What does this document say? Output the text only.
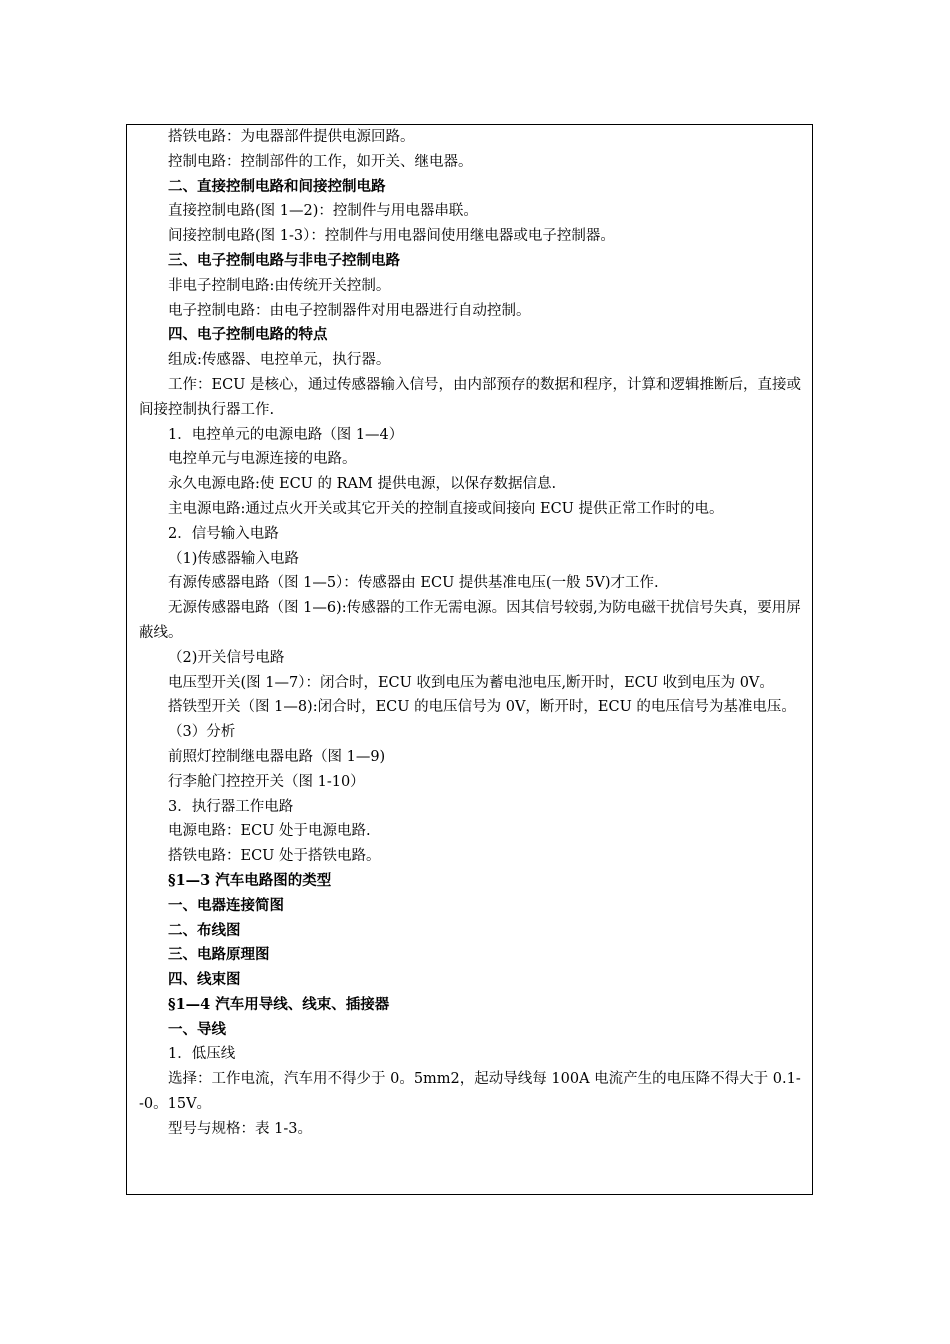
搭铁电路：为电器部件提供电源回路。

控制电路：控制部件的工作，如开关、继电器。

二、直接控制电路和间接控制电路

直接控制电路(图 1—2)：控制件与用电器串联。

间接控制电路(图 1-3）：控制件与用电器间使用继电器或电子控制器。

三、电子控制电路与非电子控制电路

非电子控制电路:由传统开关控制。

电子控制电路：由电子控制器件对用电器进行自动控制。

四、电子控制电路的特点

组成:传感器、电控单元，执行器。

工作：ECU 是核心，通过传感器输入信号，由内部预存的数据和程序，计算和逻辑推断后，直接或间接控制执行器工作.

1．电控单元的电源电路（图 1—4）

电控单元与电源连接的电路。

永久电源电路:使 ECU 的 RAM 提供电源，以保存数据信息.

主电源电路:通过点火开关或其它开关的控制直接或间接向 ECU 提供正常工作时的电。

2．信号输入电路

（1)传感器输入电路

有源传感器电路（图 1—5）：传感器由 ECU 提供基准电压(一般 5V)才工作.

无源传感器电路（图 1—6):传感器的工作无需电源。因其信号较弱,为防电磁干扰信号失真，要用屏蔽线。

（2)开关信号电路

电压型开关(图 1—7）：闭合时，ECU 收到电压为蓄电池电压,断开时，ECU 收到电压为 0V。

搭铁型开关（图 1—8):闭合时，ECU 的电压信号为 0V，断开时，ECU 的电压信号为基准电压。

（3）分析

前照灯控制继电器电路（图 1—9)

行李舱门控控开关（图 1-10）

3．执行器工作电路

电源电路：ECU 处于电源电路.

搭铁电路：ECU 处于搭铁电路。

§1—3 汽车电路图的类型

一、电器连接简图

二、布线图

三、电路原理图

四、线束图

§1—4 汽车用导线、线束、插接器

一、导线

1．低压线

选择：工作电流，汽车用不得少于 0。5mm2，起动导线每 100A 电流产生的电压降不得大于 0.1--0。15V。

型号与规格：表 1-3。
